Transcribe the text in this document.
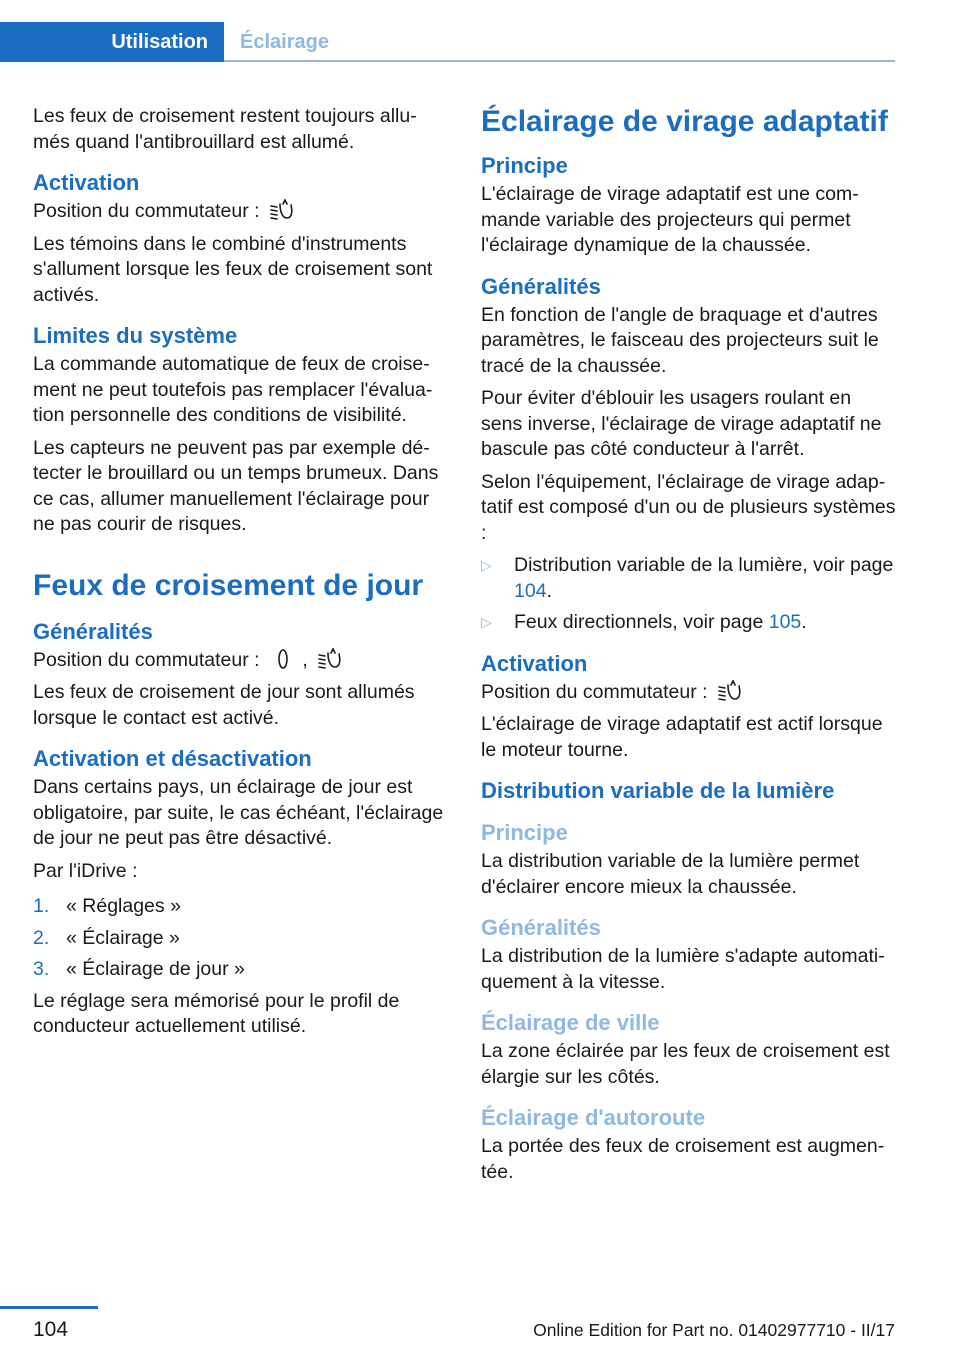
Utilisation	Éclairage

Les feux de croisement restent toujours allumés quand l'antibrouillard est allumé.

Activation

Position du commutateur :

Les témoins dans le combiné d'instruments s'allument lorsque les feux de croisement sont activés.

Limites du système

La commande automatique de feux de croisement ne peut toutefois pas remplacer l'évaluation personnelle des conditions de visibilité.

Les capteurs ne peuvent pas par exemple détecter le brouillard ou un temps brumeux. Dans ce cas, allumer manuellement l'éclairage pour ne pas courir de risques.

Feux de croisement de jour
Généralités

Position du commutateur : ,

Les feux de croisement de jour sont allumés lorsque le contact est activé.

Activation et désactivation

Dans certains pays, un éclairage de jour est obligatoire, par suite, le cas échéant, l'éclairage de jour ne peut pas être désactivé.

Par l'iDrive :

1. « Réglages »
2. « Éclairage »
3. « Éclairage de jour »

Le réglage sera mémorisé pour le profil de conducteur actuellement utilisé.

Éclairage de virage adaptatif
Principe

L'éclairage de virage adaptatif est une commande variable des projecteurs qui permet l'éclairage dynamique de la chaussée.

Généralités

En fonction de l'angle de braquage et d'autres paramètres, le faisceau des projecteurs suit le tracé de la chaussée.

Pour éviter d'éblouir les usagers roulant en sens inverse, l'éclairage de virage adaptatif ne bascule pas côté conducteur à l'arrêt.

Selon l'équipement, l'éclairage de virage adaptatif est composé d'un ou de plusieurs systèmes :

▷ Distribution variable de la lumière, voir page 104.
▷ Feux directionnels, voir page 105.
Activation

Position du commutateur :

L'éclairage de virage adaptatif est actif lorsque le moteur tourne.

Distribution variable de la lumière
Principe

La distribution variable de la lumière permet d'éclairer encore mieux la chaussée.

Généralités

La distribution de la lumière s'adapte automatiquement à la vitesse.

Éclairage de ville

La zone éclairée par les feux de croisement est élargie sur les côtés.

Éclairage d'autoroute

La portée des feux de croisement est augmentée.

104	Online Edition for Part no. 01402977710 - II/17
